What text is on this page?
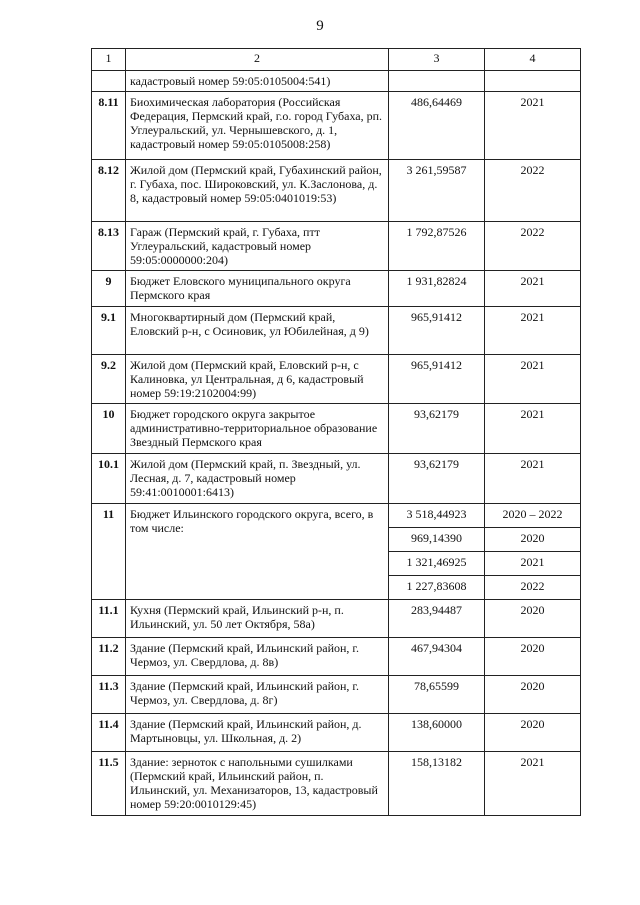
9
1	2	3	4
	кадастровый номер 59:05:0105004:541)		
8.11	Биохимическая лаборатория (Российская Федерация, Пермский край, г.о. город Губаха, рп. Углеуральский, ул. Чернышевского, д. 1, кадастровый номер 59:05:0105008:258)	486,64469	2021
8.12	Жилой дом (Пермский край, Губахинский район, г. Губаха, пос. Широковский, ул. К.Заслонова, д. 8, кадастровый номер 59:05:0401019:53)	3 261,59587	2022
8.13	Гараж (Пермский край, г. Губаха, птт Углеуральский, кадастровый номер 59:05:0000000:204)	1 792,87526	2022
9	Бюджет Еловского муниципального округа Пермского края	1 931,82824	2021
9.1	Многоквартирный дом (Пермский край, Еловский р-н, с Осиновик, ул Юбилейная, д 9)	965,91412	2021
9.2	Жилой дом (Пермский край, Еловский р-н, с Калиновка, ул Центральная, д 6, кадастровый номер 59:19:2102004:99)	965,91412	2021
10	Бюджет городского округа закрытое административно-территориальное образование Звездный Пермского края	93,62179	2021
10.1	Жилой дом (Пермский край, п. Звездный, ул. Лесная, д. 7, кадастровый номер 59:41:0010001:6413)	93,62179	2021
11	Бюджет Ильинского городского округа, всего, в том числе:	3 518,44923	2020 – 2022
		969,14390	2020
		1 321,46925	2021
		1 227,83608	2022
11.1	Кухня (Пермский край, Ильинский р-н, п. Ильинский, ул. 50 лет Октября, 58а)	283,94487	2020
11.2	Здание (Пермский край, Ильинский район, г. Чермоз, ул. Свердлова, д. 8в)	467,94304	2020
11.3	Здание (Пермский край, Ильинский район, г. Чермоз, ул. Свердлова, д. 8г)	78,65599	2020
11.4	Здание (Пермский край, Ильинский район, д. Мартыновцы, ул. Школьная, д. 2)	138,60000	2020
11.5	Здание: зерноток с напольными сушилками (Пермский край, Ильинский район, п. Ильинский, ул. Механизаторов, 13, кадастровый номер 59:20:0010129:45)	158,13182	2021
